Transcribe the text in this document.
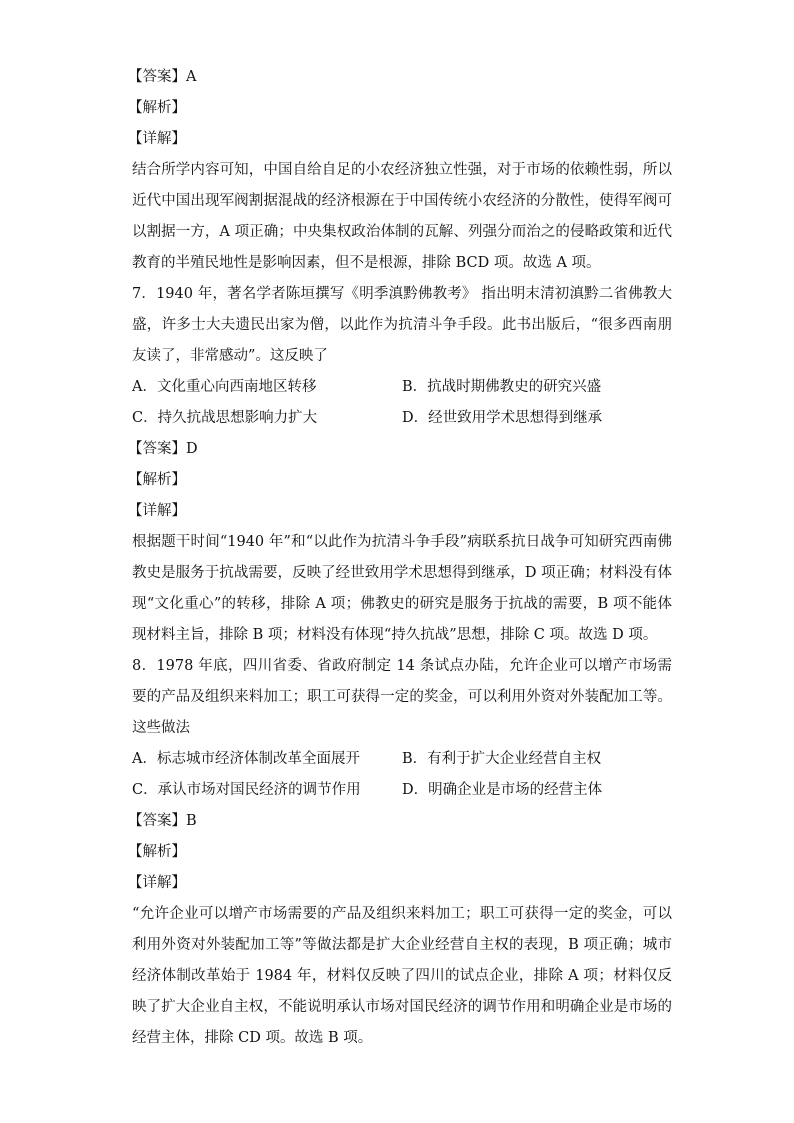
【答案】A
【解析】
【详解】
结合所学内容可知，中国自给自足的小农经济独立性强，对于市场的依赖性弱，所以近代中国出现军阀割据混战的经济根源在于中国传统小农经济的分散性，使得军阀可以割据一方，A 项正确；中央集权政治体制的瓦解、列强分而治之的侵略政策和近代教育的半殖民地性是影响因素，但不是根源，排除 BCD 项。故选 A 项。
7．1940 年，著名学者陈垣撰写《明季滇黔佛教考》 指出明末清初滇黔二省佛教大盛，许多士大夫遗民出家为僧，以此作为抗清斗争手段。此书出版后，“很多西南朋友读了，非常感动”。这反映了
A．文化重心向西南地区转移	B．抗战时期佛教史的研究兴盛
C．持久抗战思想影响力扩大	D．经世致用学术思想得到继承
【答案】D
【解析】
【详解】
根据题干时间“1940 年”和“以此作为抗清斗争手段”病联系抗日战争可知研究西南佛教史是服务于抗战需要，反映了经世致用学术思想得到继承，D 项正确；材料没有体现“文化重心”的转移，排除 A 项；佛教史的研究是服务于抗战的需要，B 项不能体现材料主旨，排除 B 项；材料没有体现“持久抗战”思想，排除 C 项。故选 D 项。
8．1978 年底，四川省委、省政府制定 14 条试点办陆，允许企业可以增产市场需要的产品及组织来料加工；职工可获得一定的奖金，可以利用外资对外装配加工等。这些做法
A．标志城市经济体制改革全面展开	B．有利于扩大企业经营自主权
C．承认市场对国民经济的调节作用	D．明确企业是市场的经营主体
【答案】B
【解析】
【详解】
“允许企业可以增产市场需要的产品及组织来料加工；职工可获得一定的奖金，可以利用外资对外装配加工等”等做法都是扩大企业经营自主权的表现，B 项正确；城市经济体制改革始于 1984 年，材料仅反映了四川的试点企业，排除 A 项；材料仅反映了扩大企业自主权，不能说明承认市场对国民经济的调节作用和明确企业是市场的经营主体，排除 CD 项。故选 B 项。
